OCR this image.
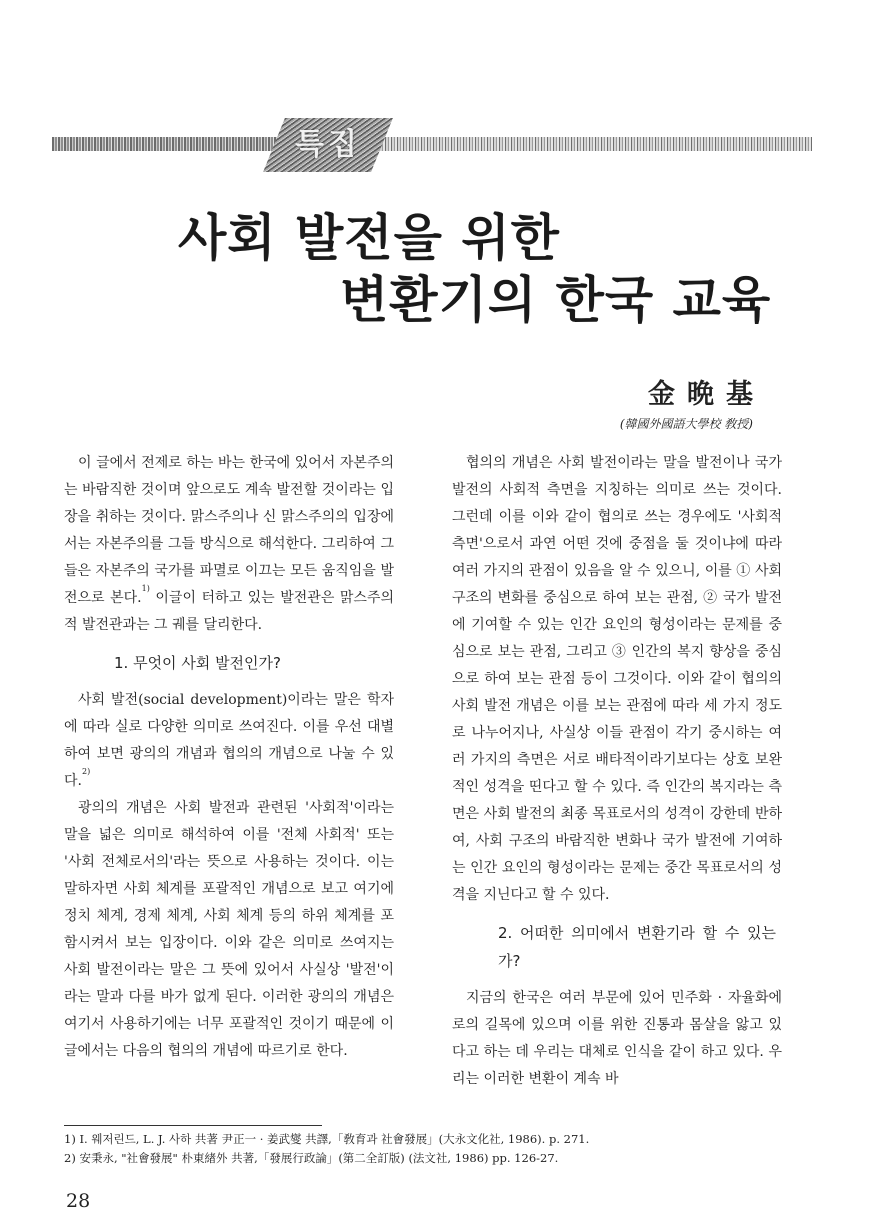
특집
사회 발전을 위한
변환기의 한국 교육
金晩基
(韓國外國語大學校 敎授)

이 글에서 전제로 하는 바는 한국에 있어서 자본주의는 바람직한 것이며 앞으로도 계속 발전할 것이라는 입장을 취하는 것이다. 맑스주의나 신 맑스주의의 입장에서는 자본주의를 그들 방식으로 해석한다. 그리하여 그들은 자본주의 국가를 파멸로 이끄는 모든 움직임을 발전으로 본다.$^{1)}$ 이글이 터하고 있는 발전관은 맑스주의적 발전관과는 그 궤를 달리한다.

1. 무엇이 사회 발전인가?

사회 발전(social development)이라는 말은 학자에 따라 실로 다양한 의미로 쓰여진다. 이를 우선 대별하여 보면 광의의 개념과 협의의 개념으로 나눌 수 있다.$^{2)}$

광의의 개념은 사회 발전과 관련된 '사회적'이라는 말을 넓은 의미로 해석하여 이를 '전체 사회적' 또는 '사회 전체로서의'라는 뜻으로 사용하는 것이다. 이는 말하자면 사회 체계를 포괄적인 개념으로 보고 여기에 정치 체계, 경제 체계, 사회 체계 등의 하위 체계를 포함시켜서 보는 입장이다. 이와 같은 의미로 쓰여지는 사회 발전이라는 말은 그 뜻에 있어서 사실상 '발전'이라는 말과 다를 바가 없게 된다. 이러한 광의의 개념은 여기서 사용하기에는 너무 포괄적인 것이기 때문에 이 글에서는 다음의 협의의 개념에 따르기로 한다.

협의의 개념은 사회 발전이라는 말을 발전이나 국가 발전의 사회적 측면을 지칭하는 의미로 쓰는 것이다. 그런데 이를 이와 같이 협의로 쓰는 경우에도 '사회적 측면'으로서 과연 어떤 것에 중점을 둘 것이냐에 따라 여러 가지의 관점이 있음을 알 수 있으니, 이를 ① 사회 구조의 변화를 중심으로 하여 보는 관점, ② 국가 발전에 기여할 수 있는 인간 요인의 형성이라는 문제를 중심으로 보는 관점, 그리고 ③ 인간의 복지 향상을 중심으로 하여 보는 관점 등이 그것이다. 이와 같이 협의의 사회 발전 개념은 이를 보는 관점에 따라 세 가지 정도로 나누어지나, 사실상 이들 관점이 각기 중시하는 여러 가지의 측면은 서로 배타적이라기보다는 상호 보완적인 성격을 띤다고 할 수 있다. 즉 인간의 복지라는 측면은 사회 발전의 최종 목표로서의 성격이 강한데 반하여, 사회 구조의 바람직한 변화나 국가 발전에 기여하는 인간 요인의 형성이라는 문제는 중간 목표로서의 성격을 지닌다고 할 수 있다.

2. 어떠한 의미에서 변환기라 할 수 있는가?

지금의 한국은 여러 부문에 있어 민주화 · 자율화에로의 길목에 있으며 이를 위한 진통과 몸살을 앓고 있다고 하는 데 우리는 대체로 인식을 같이 하고 있다. 우리는 이러한 변환이 계속 바

1) I. 웨저린드, L. J. 사하 共著 尹正一 · 姜武燮 共譯,「敎育과 社會發展」(大永文化社, 1986). p. 271.
2) 安秉永, "社會發展" 朴東緖外 共著,「發展行政論」(第二全訂版) (法文社, 1986) pp. 126-27.
28
